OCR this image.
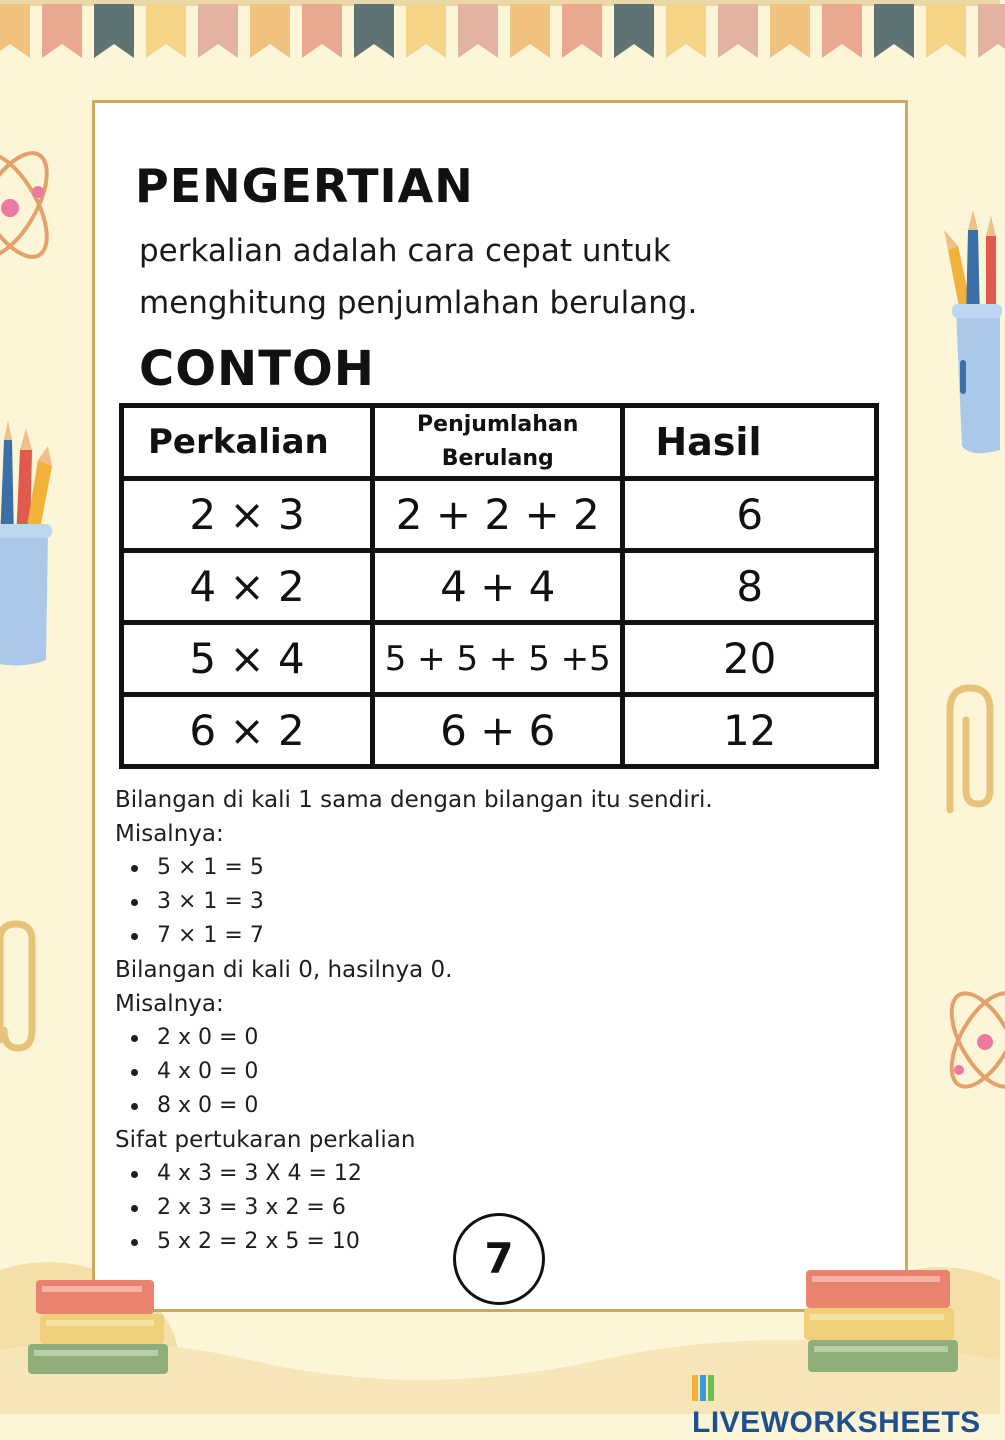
PENGERTIAN
perkalian adalah cara cepat untuk menghitung penjumlahan berulang.
CONTOH
Perkalian	Penjumlahan Berulang	Hasil
2 × 3	2 + 2 + 2	6
4 × 2	4 + 4	8
5 × 4	5 + 5 + 5 +5	20
6 × 2	6 + 6	12

Bilangan di kali 1 sama dengan bilangan itu sendiri.

Misalnya:

5 × 1 = 5
3 × 1 = 3
7 × 1 = 7

Bilangan di kali 0, hasilnya 0.

Misalnya:

2 x 0 = 0
4 x 0 = 0
8 x 0 = 0

Sifat pertukaran perkalian

4 x 3 = 3 X 4 = 12
2 x 3 = 3 x 2 = 6
5 x 2 = 2 x 5 = 10	7
LIVEWORKSHEETS
